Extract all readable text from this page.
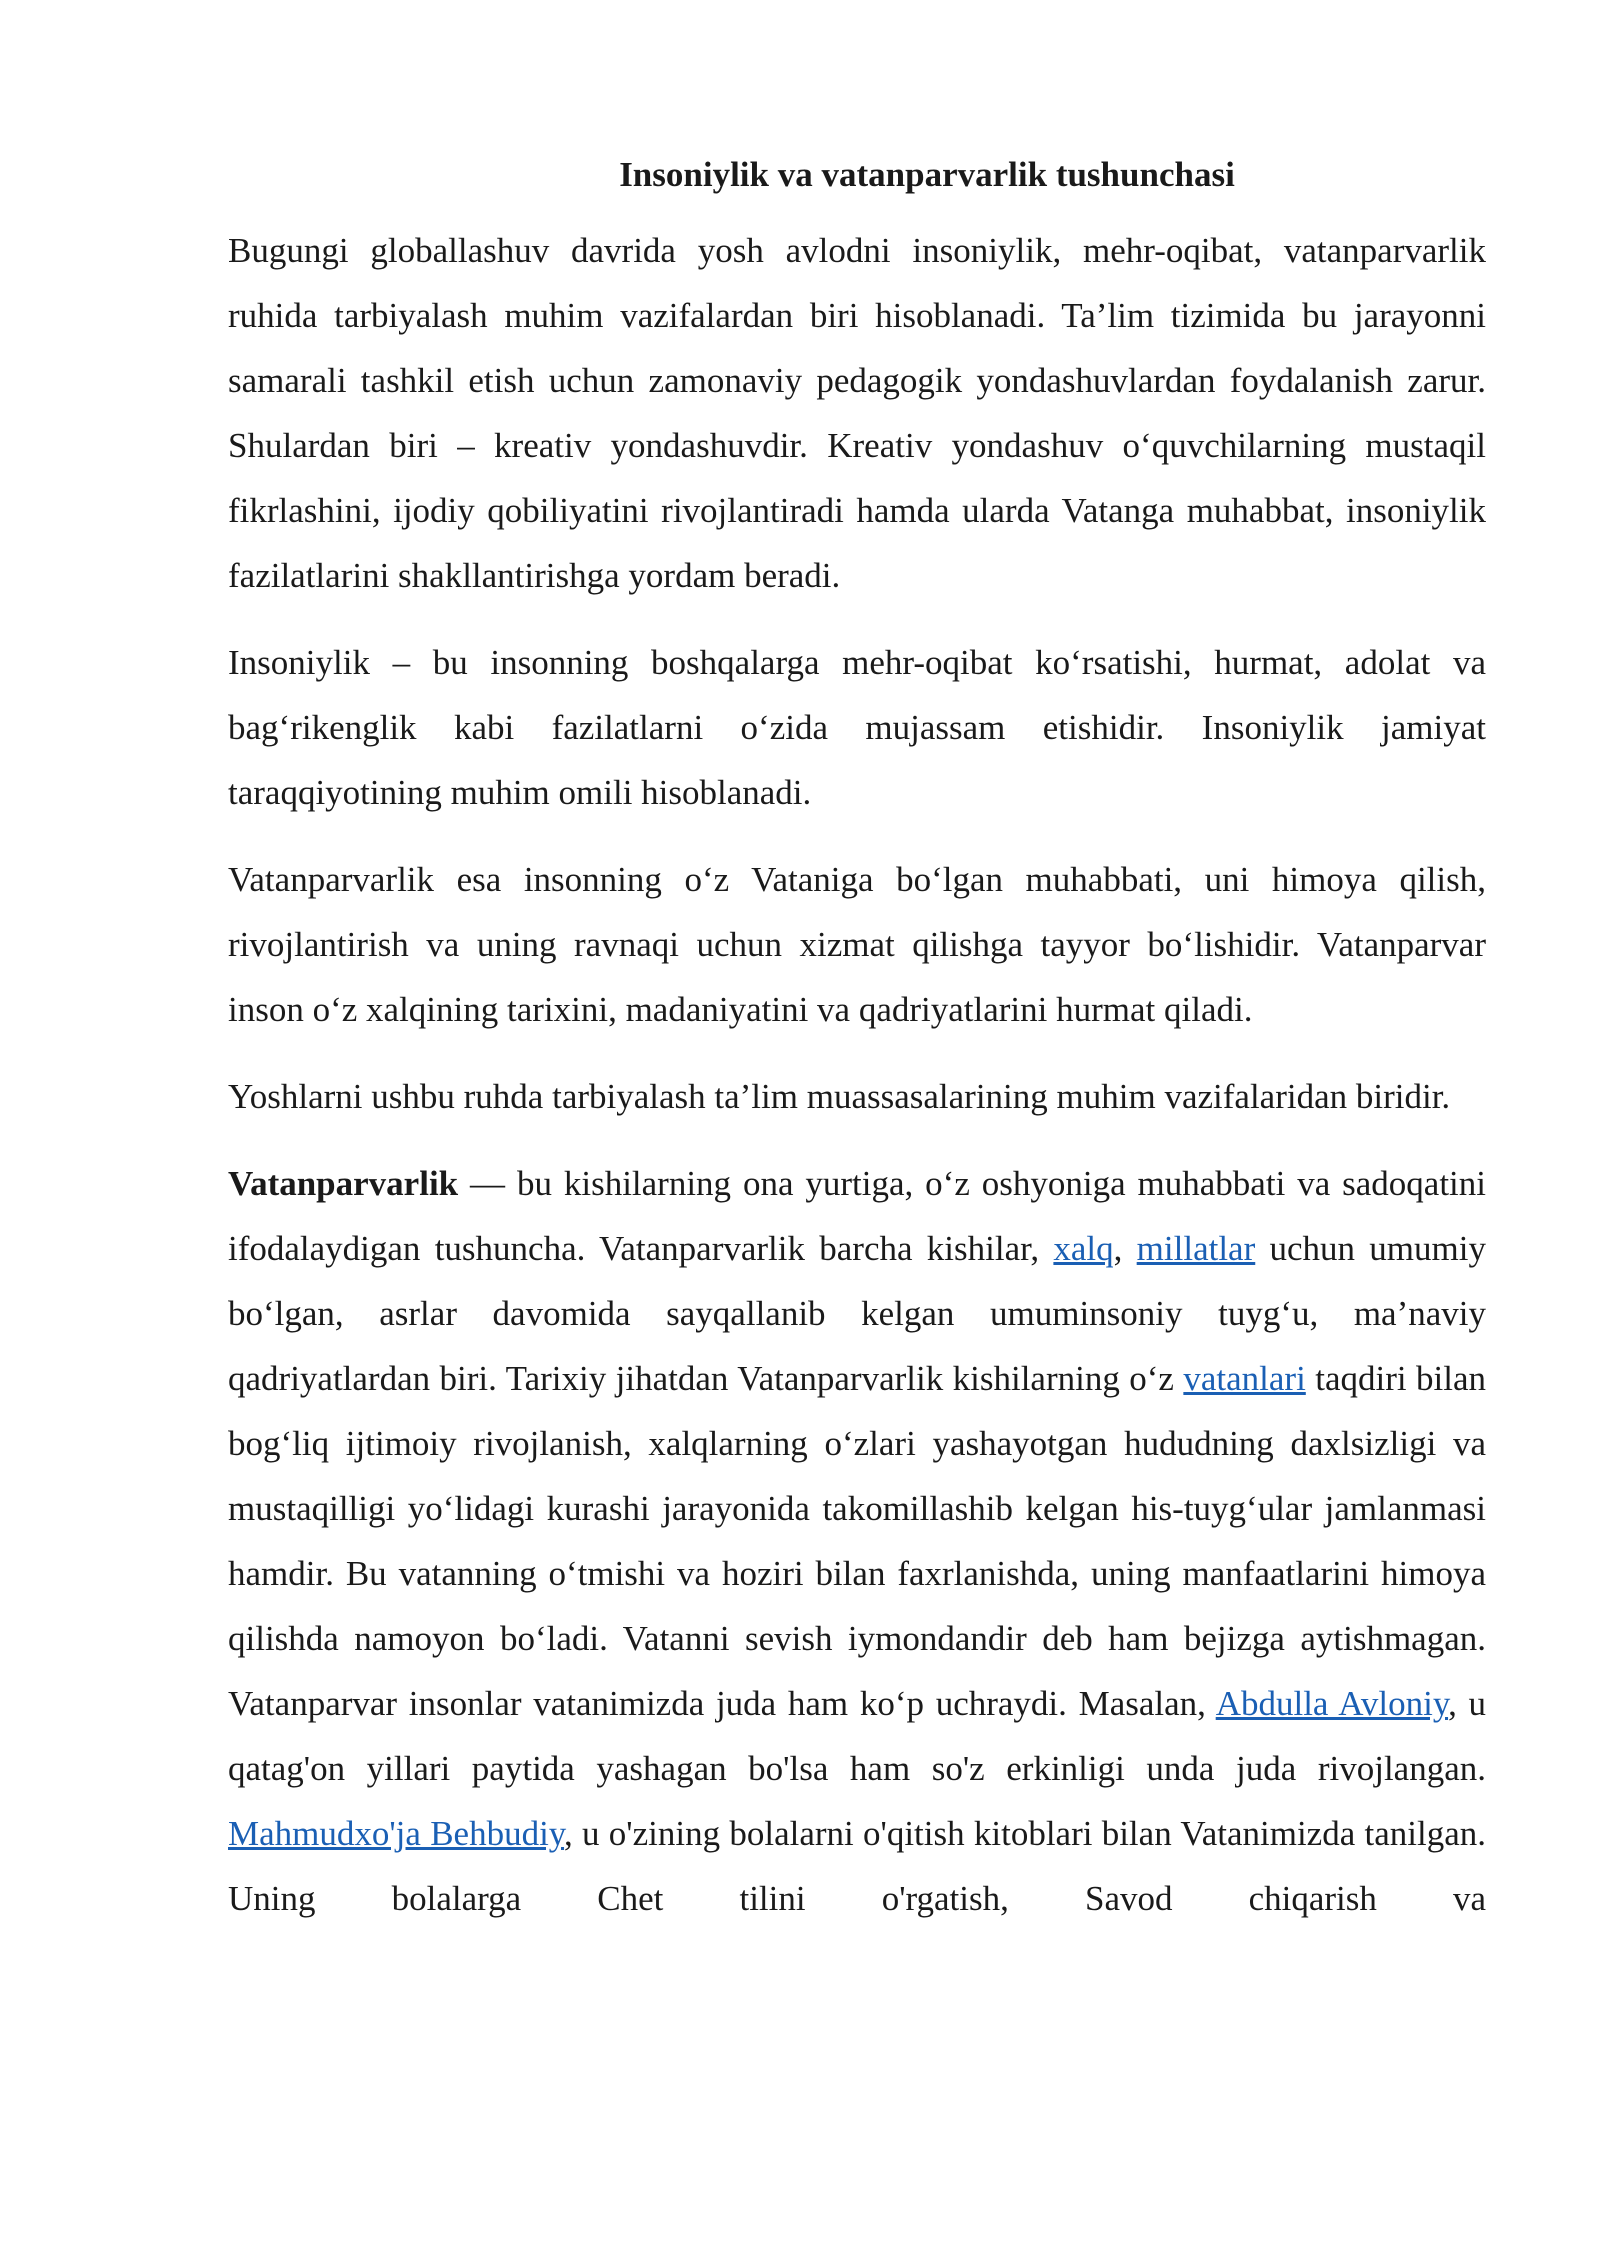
Insoniylik va vatanparvarlik tushunchasi
Bugungi globallashuv davrida yosh avlodni insoniylik, mehr-oqibat, vatanparvarlik ruhida tarbiyalash muhim vazifalardan biri hisoblanadi. Ta’lim tizimida bu jarayonni samarali tashkil etish uchun zamonaviy pedagogik yondashuvlardan foydalanish zarur. Shulardan biri – kreativ yondashuvdir. Kreativ yondashuv o‘quvchilarning mustaqil fikrlashini, ijodiy qobiliyatini rivojlantiradi hamda ularda Vatanga muhabbat, insoniylik fazilatlarini shakllantirishga yordam beradi.
Insoniylik – bu insonning boshqalarga mehr-oqibat ko‘rsatishi, hurmat, adolat va bag‘rikenglik kabi fazilatlarni o‘zida mujassam etishidir. Insoniylik jamiyat taraqqiyotining muhim omili hisoblanadi.
Vatanparvarlik esa insonning o‘z Vataniga bo‘lgan muhabbati, uni himoya qilish, rivojlantirish va uning ravnaqi uchun xizmat qilishga tayyor bo‘lishidir. Vatanparvar inson o‘z xalqining tarixini, madaniyatini va qadriyatlarini hurmat qiladi.
Yoshlarni ushbu ruhda tarbiyalash ta’lim muassasalarining muhim vazifalaridan biridir.
Vatanparvarlik — bu kishilarning ona yurtiga, o‘z oshyoniga muhabbati va sadoqatini ifodalaydigan tushuncha. Vatanparvarlik barcha kishilar, xalq, millatlar uchun umumiy bo‘lgan, asrlar davomida sayqallanib kelgan umuminsoniy tuyg‘u, ma’naviy qadriyatlardan biri. Tarixiy jihatdan Vatanparvarlik kishilarning o‘z vatanlari taqdiri bilan bog‘liq ijtimoiy rivojlanish, xalqlarning o‘zlari yashayotgan hududning daxlsizligi va mustaqilligi yo‘lidagi kurashi jarayonida takomillashib kelgan his-tuyg‘ular jamlanmasi hamdir. Bu vatanning o‘tmishi va hoziri bilan faxrlanishda, uning manfaatlarini himoya qilishda namoyon bo‘ladi. Vatanni sevish iymondandir deb ham bejizga aytishmagan. Vatanparvar insonlar vatanimizda juda ham ko‘p uchraydi. Masalan, Abdulla Avloniy, u qatag'on yillari paytida yashagan bo'lsa ham so'z erkinligi unda juda rivojlangan. Mahmudxo'ja Behbudiy, u o'zining bolalarni o'qitish kitoblari bilan Vatanimizda tanilgan. Uning bolalarga Chet tilini o'rgatish, Savod chiqarish va
